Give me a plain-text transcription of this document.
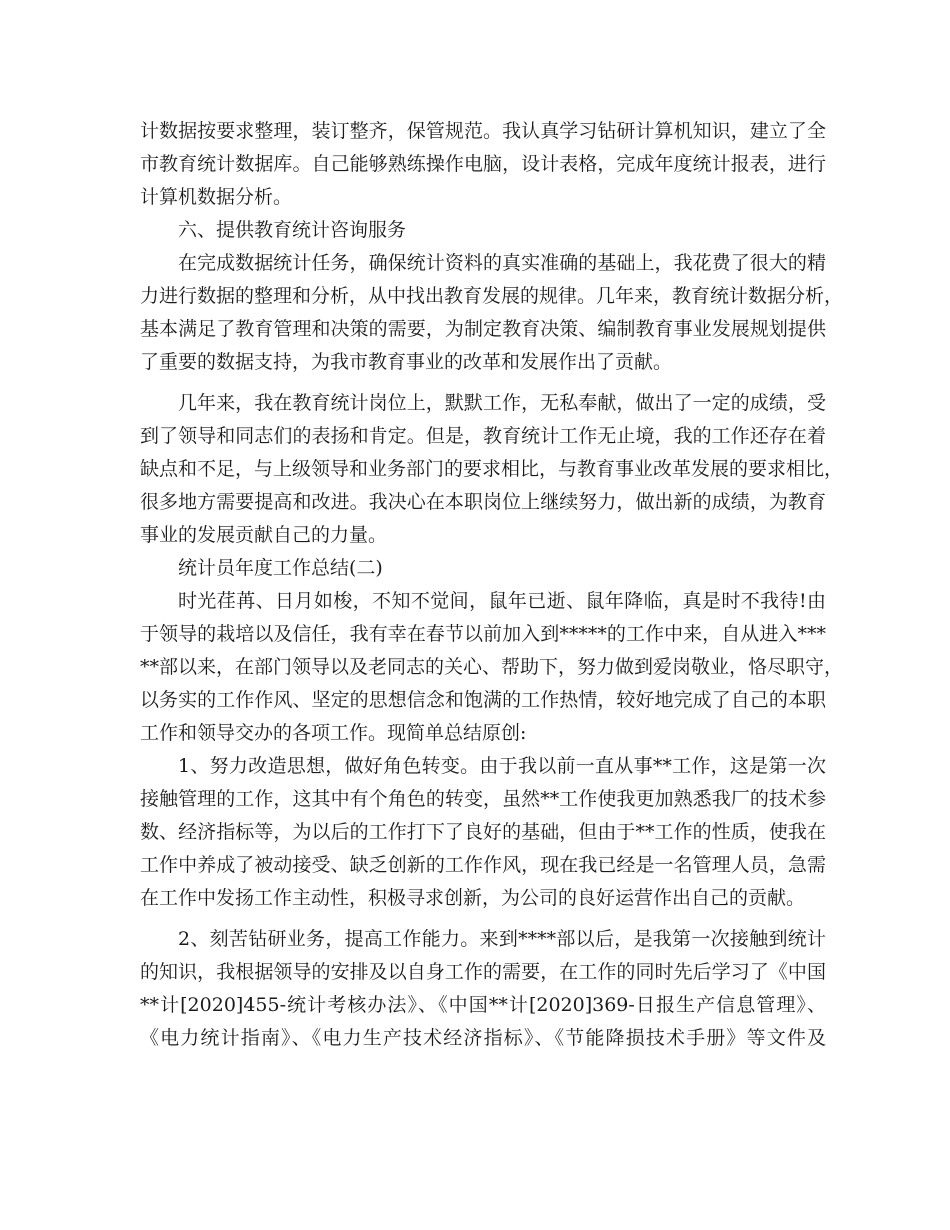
计数据按要求整理，装订整齐，保管规范。我认真学习钻研计算机知识，建立了全

市教育统计数据库。自己能够熟练操作电脑，设计表格，完成年度统计报表，进行

计算机数据分析。

六、提供教育统计咨询服务

在完成数据统计任务，确保统计资料的真实准确的基础上，我花费了很大的精

力进行数据的整理和分析，从中找出教育发展的规律。几年来，教育统计数据分析，

基本满足了教育管理和决策的需要，为制定教育决策、编制教育事业发展规划提供

了重要的数据支持，为我市教育事业的改革和发展作出了贡献。

几年来，我在教育统计岗位上，默默工作，无私奉献，做出了一定的成绩，受

到了领导和同志们的表扬和肯定。但是，教育统计工作无止境，我的工作还存在着

缺点和不足，与上级领导和业务部门的要求相比，与教育事业改革发展的要求相比，

很多地方需要提高和改进。我决心在本职岗位上继续努力，做出新的成绩，为教育

事业的发展贡献自己的力量。

统计员年度工作总结(二)

时光荏苒、日月如梭，不知不觉间，鼠年已逝、鼠年降临，真是时不我待!由

于领导的栽培以及信任，我有幸在春节以前加入到*****的工作中来，自从进入***

**部以来，在部门领导以及老同志的关心、帮助下，努力做到爱岗敬业，恪尽职守，

以务实的工作作风、坚定的思想信念和饱满的工作热情，较好地完成了自己的本职

工作和领导交办的各项工作。现简单总结原创:

1、努力改造思想，做好角色转变。由于我以前一直从事**工作，这是第一次

接触管理的工作，这其中有个角色的转变，虽然**工作使我更加熟悉我厂的技术参

数、经济指标等，为以后的工作打下了良好的基础，但由于**工作的性质，使我在

工作中养成了被动接受、缺乏创新的工作作风，现在我已经是一名管理人员，急需

在工作中发扬工作主动性，积极寻求创新，为公司的良好运营作出自己的贡献。

2、刻苦钻研业务，提高工作能力。来到****部以后，是我第一次接触到统计

的知识，我根据领导的安排及以自身工作的需要，在工作的同时先后学习了《中国

**计[2020]455-统计考核办法》、《中国**计[2020]369-日报生产信息管理》、

《电力统计指南》、《电力生产技术经济指标》、《节能降损技术手册》等文件及
